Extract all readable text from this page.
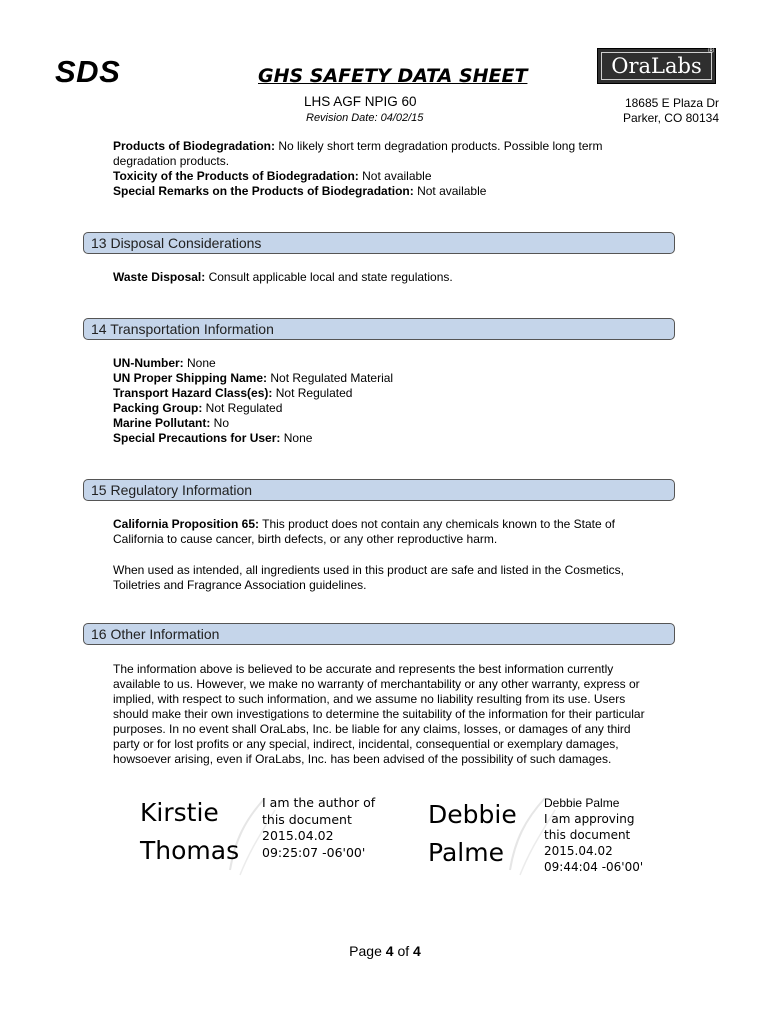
SDS	GHS SAFETY DATA SHEET
LHS AGF NPIG 60
Revision Date: 04/02/15
OraLabs
®
18685 E Plaza Dr
Parker, CO 80134
Products of Biodegradation: No likely short term degradation products. Possible long term
degradation products.
Toxicity of the Products of Biodegradation: Not available
Special Remarks on the Products of Biodegradation: Not available
13 Disposal Considerations
Waste Disposal: Consult applicable local and state regulations.
14 Transportation Information
UN-Number: None
UN Proper Shipping Name: Not Regulated Material
Transport Hazard Class(es): Not Regulated
Packing Group: Not Regulated
Marine Pollutant: No
Special Precautions for User: None
15 Regulatory Information
California Proposition 65: This product does not contain any chemicals known to the State of
California to cause cancer, birth defects, or any other reproductive harm.
When used as intended, all ingredients used in this product are safe and listed in the Cosmetics,
Toiletries and Fragrance Association guidelines.
16 Other Information
The information above is believed to be accurate and represents the best information currently
available to us. However, we make no warranty of merchantability or any other warranty, express or
implied, with respect to such information, and we assume no liability resulting from its use. Users
should make their own investigations to determine the suitability of the information for their particular
purposes. In no event shall OraLabs, Inc. be liable for any claims, losses, or damages of any third
party or for lost profits or any special, indirect, incidental, consequential or exemplary damages,
howsoever arising, even if OraLabs, Inc. has been advised of the possibility of such damages.
Kirstie
Thomas
I am the author of
this document
2015.04.02
09:25:07 -06'00'
Debbie
Palme
Debbie Palme
I am approving
this document
2015.04.02
09:44:04 -06'00'
Page 4 of 4
